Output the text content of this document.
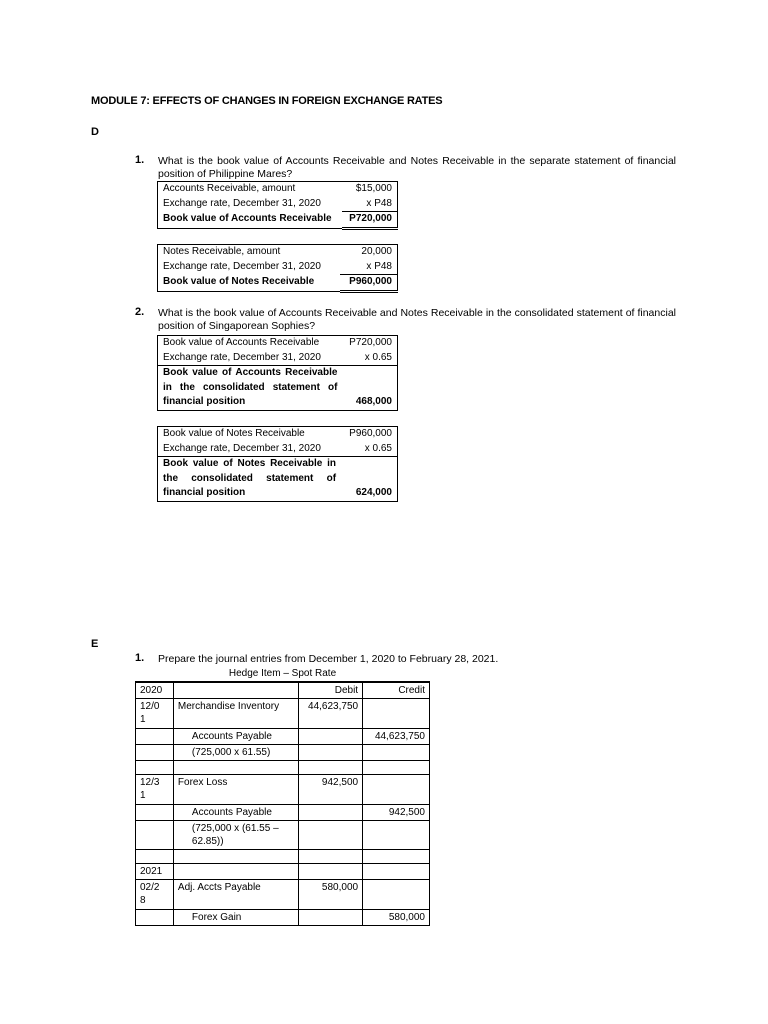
MODULE 7: EFFECTS OF CHANGES IN FOREIGN EXCHANGE RATES
D
1. What is the book value of Accounts Receivable and Notes Receivable in the separate statement of financial position of Philippine Mares?
Accounts Receivable, amount	$15,000
Exchange rate, December 31, 2020	x P48
Book value of Accounts Receivable	P720,000
Notes Receivable, amount	20,000
Exchange rate, December 31, 2020	x P48
Book value of Notes Receivable	P960,000
2. What is the book value of Accounts Receivable and Notes Receivable in the consolidated statement of financial position of Singaporean Sophies?
Book value of Accounts Receivable	P720,000
Exchange rate, December 31, 2020	x 0.65
Book value of Accounts Receivable	
in the consolidated statement of	
financial position	468,000
Book value of Notes Receivable	P960,000
Exchange rate, December 31, 2020	x 0.65
Book value of Notes Receivable in	
the consolidated statement of	
financial position	624,000
E
1. Prepare the journal entries from December 1, 2020 to February 28, 2021.
Hedge Item – Spot Rate
2020		Debit	Credit
12/0
1	Merchandise Inventory	44,623,750	
	Accounts Payable		44,623,750
	(725,000 x 61.55)		

12/3
1	Forex Loss	942,500	
	Accounts Payable		942,500
	(725,000 x (61.55 –
62.85))		

2021			
02/2
8	Adj. Accts Payable	580,000	
	Forex Gain		580,000
